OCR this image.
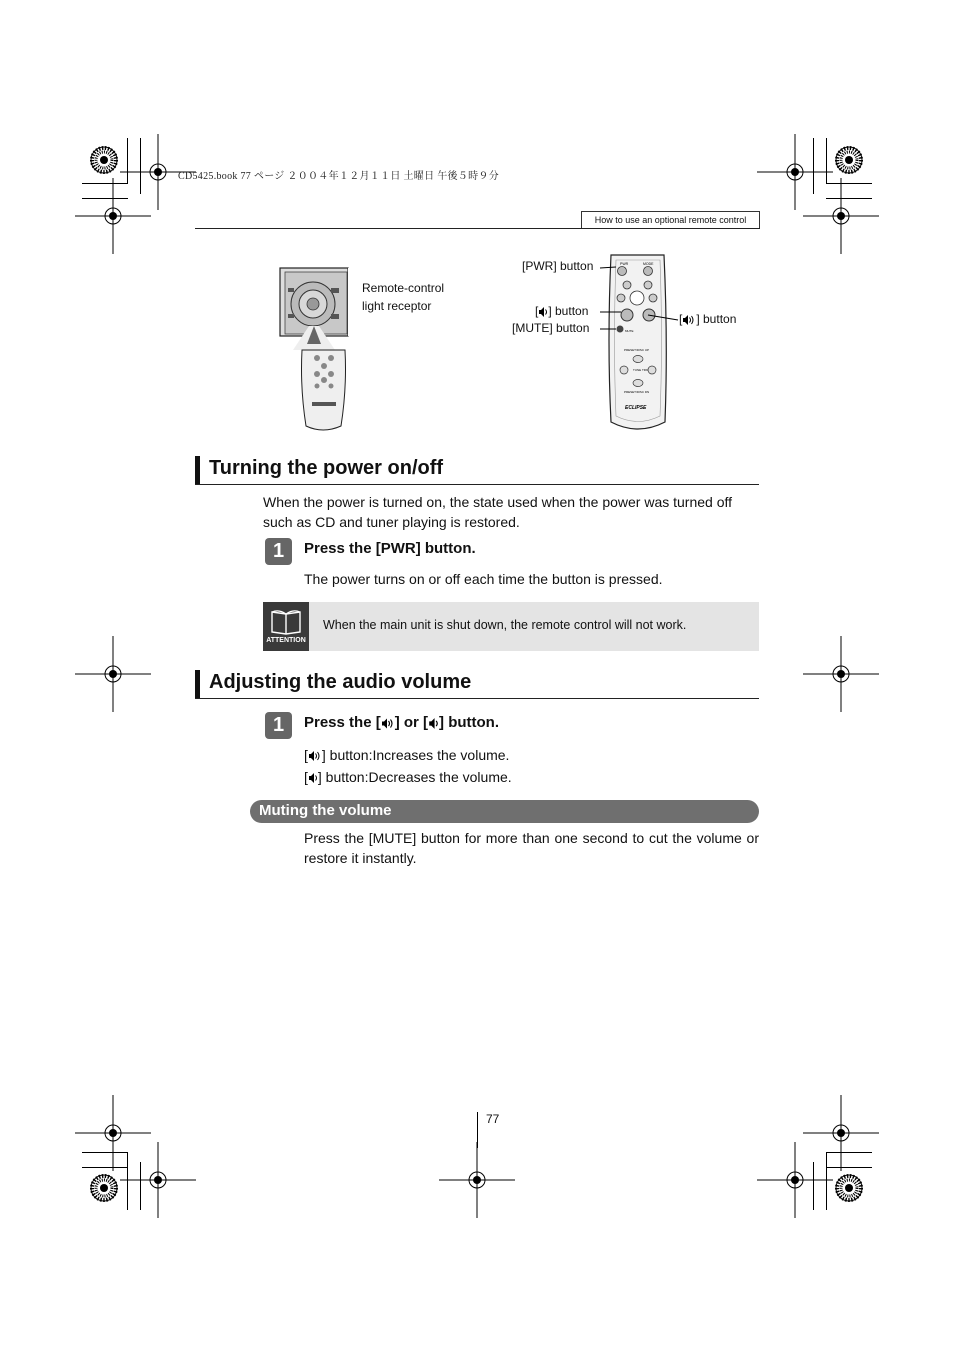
CD5425.book 77 ページ ２００４年１２月１１日 土曜日 午後５時９分
How to use an optional remote control
Remote-control
light receptor
PWR	MODE
MUTE
PRESET/DISC UP
TUNE TRK
PRESET/DISC DN
ECLIPSE
[PWR] button
[ ] button
[MUTE] button
[ ] button
Turning the power on/off
When the power is turned on, the state used when the power was turned off such as CD and tuner playing is restored.
1	Press the [PWR] button.
The power turns on or off each time the button is pressed.
ATTENTION
When the main unit is shut down, the remote control will not work.
Adjusting the audio volume
1	Press the [ ] or [ ] button.
[ ] button:Increases the volume.
[ ] button:Decreases the volume.
Muting the volume
Press the [MUTE] button for more than one second to cut the volume or restore it instantly.
77
